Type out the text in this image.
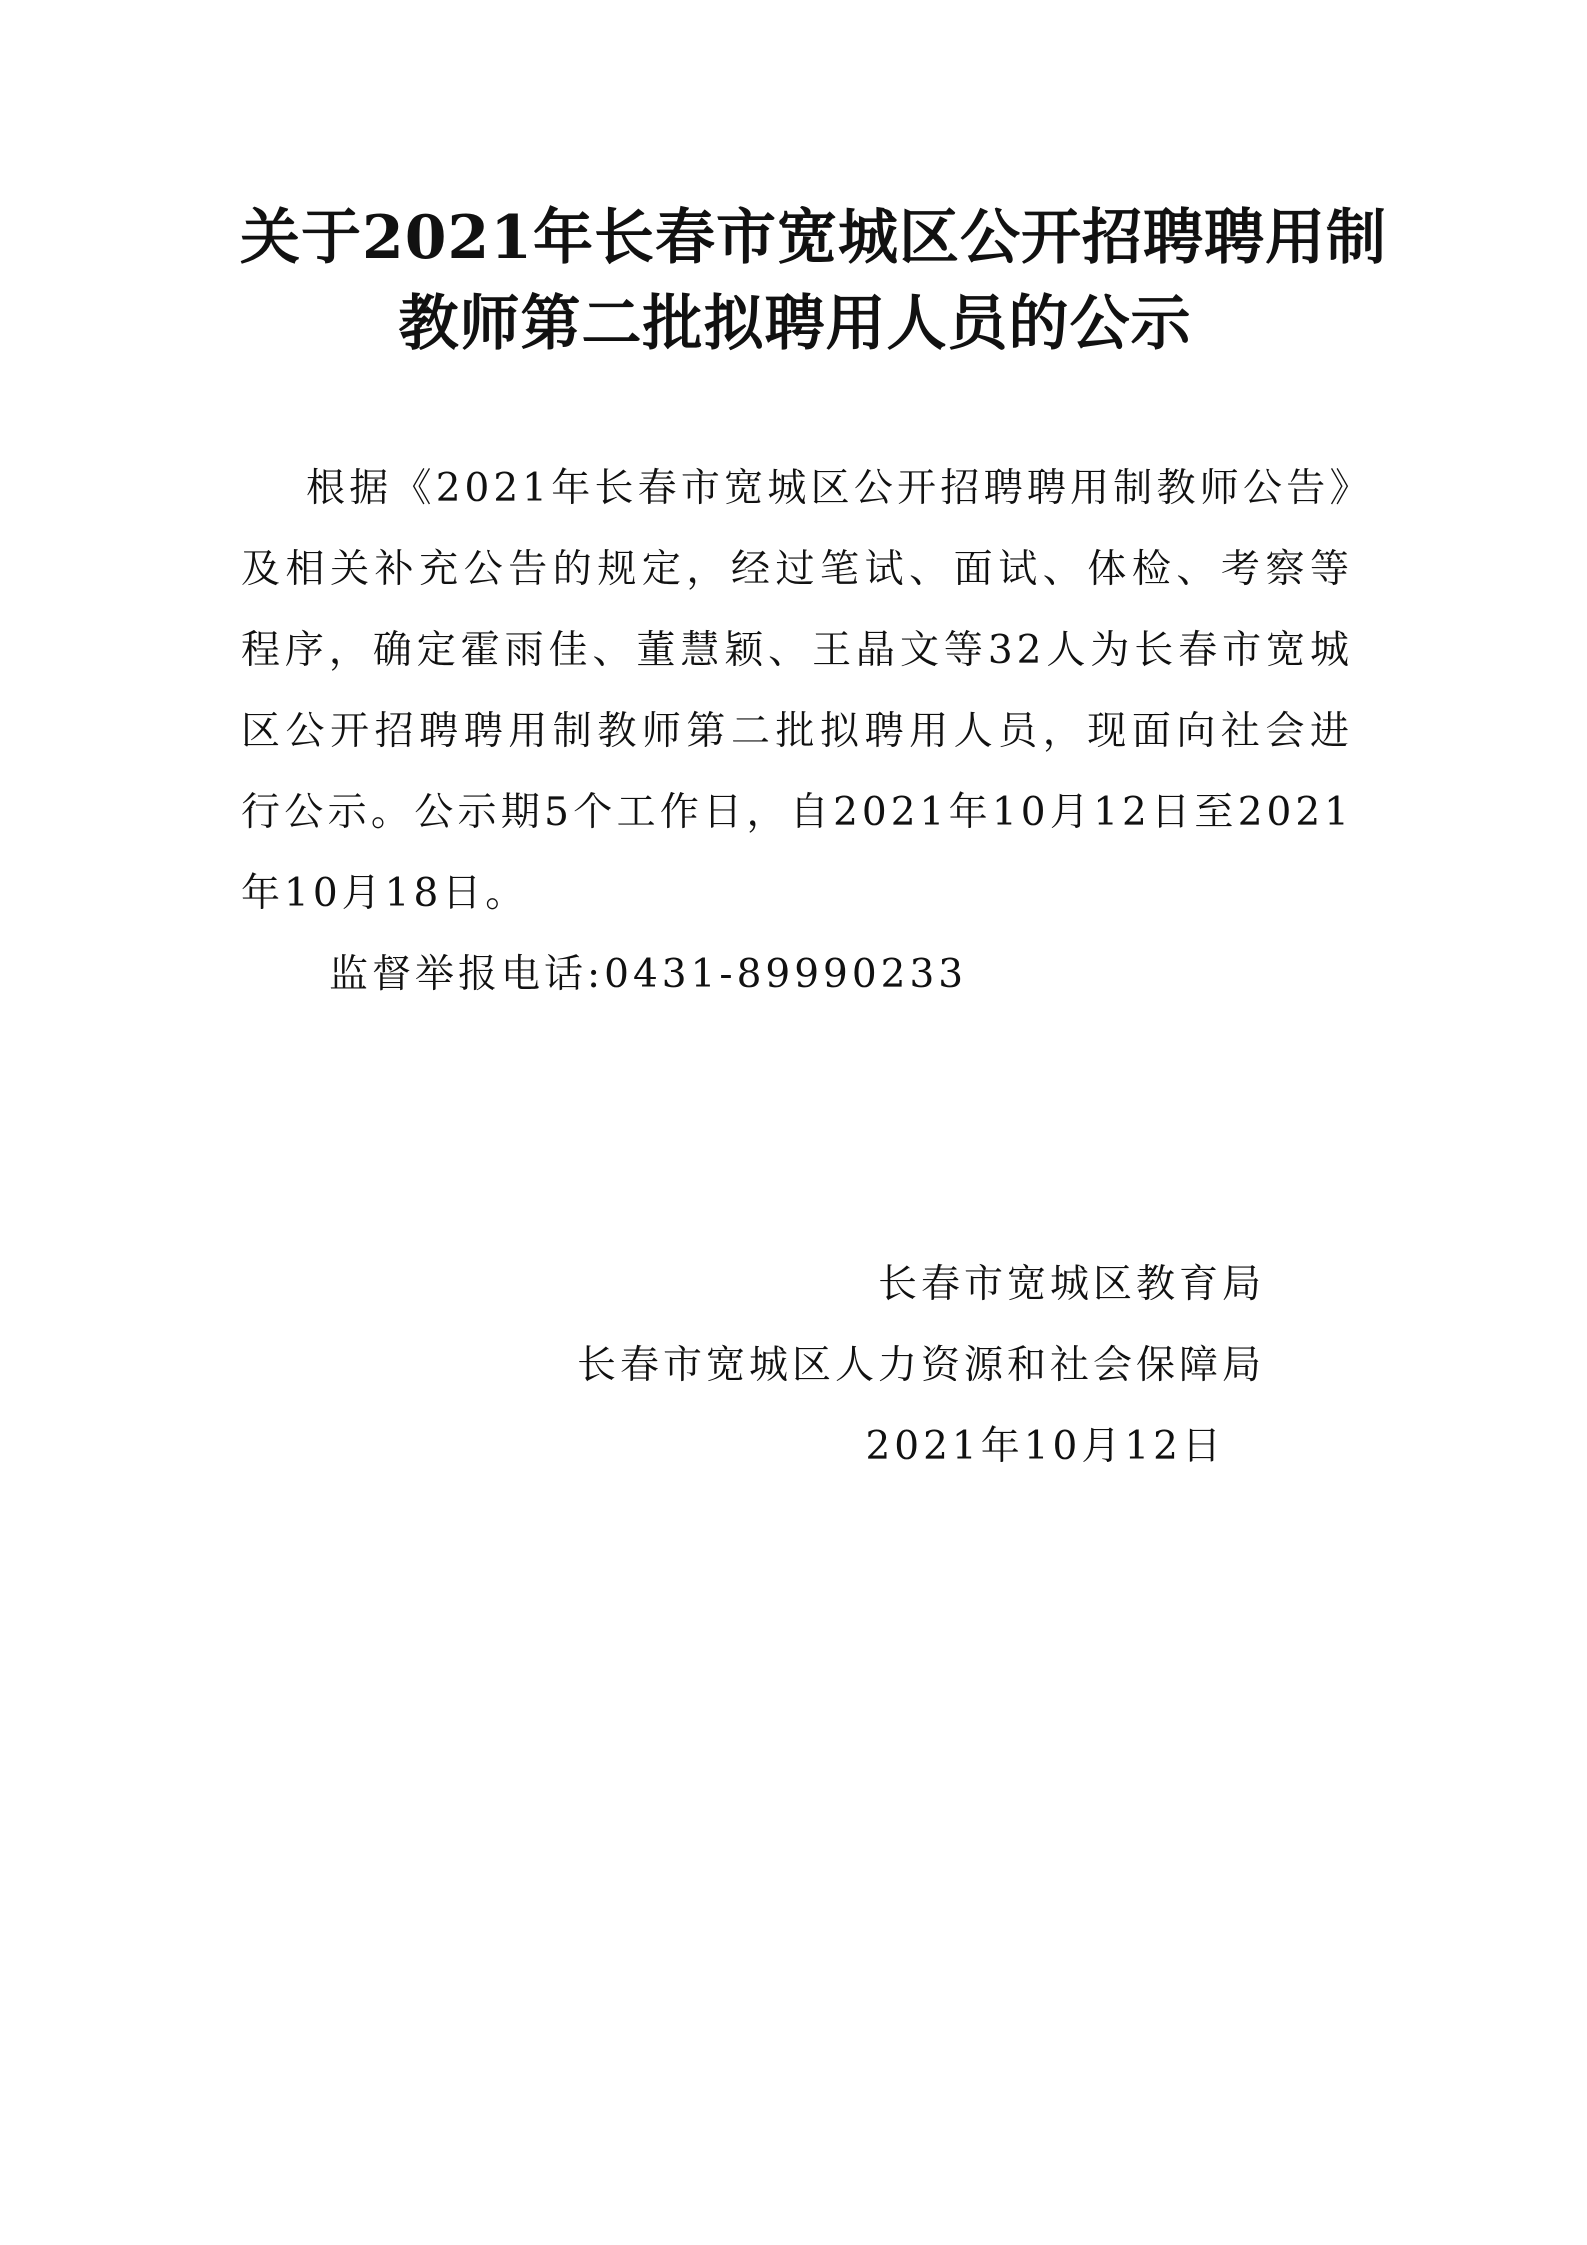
关于2021年长春市宽城区公开招聘聘用制
教师第二批拟聘用人员的公示

根据《2021年长春市宽城区公开招聘聘用制教师公告》及相关补充公告的规定，经过笔试、面试、体检、考察等程序，确定霍雨佳、董慧颖、王晶文等32人为长春市宽城区公开招聘聘用制教师第二批拟聘用人员，现面向社会进行公示。公示期5个工作日，自2021年10月12日至2021年10月18日。

监督举报电话:0431-89990233

长春市宽城区教育局
长春市宽城区人力资源和社会保障局
2021年10月12日
